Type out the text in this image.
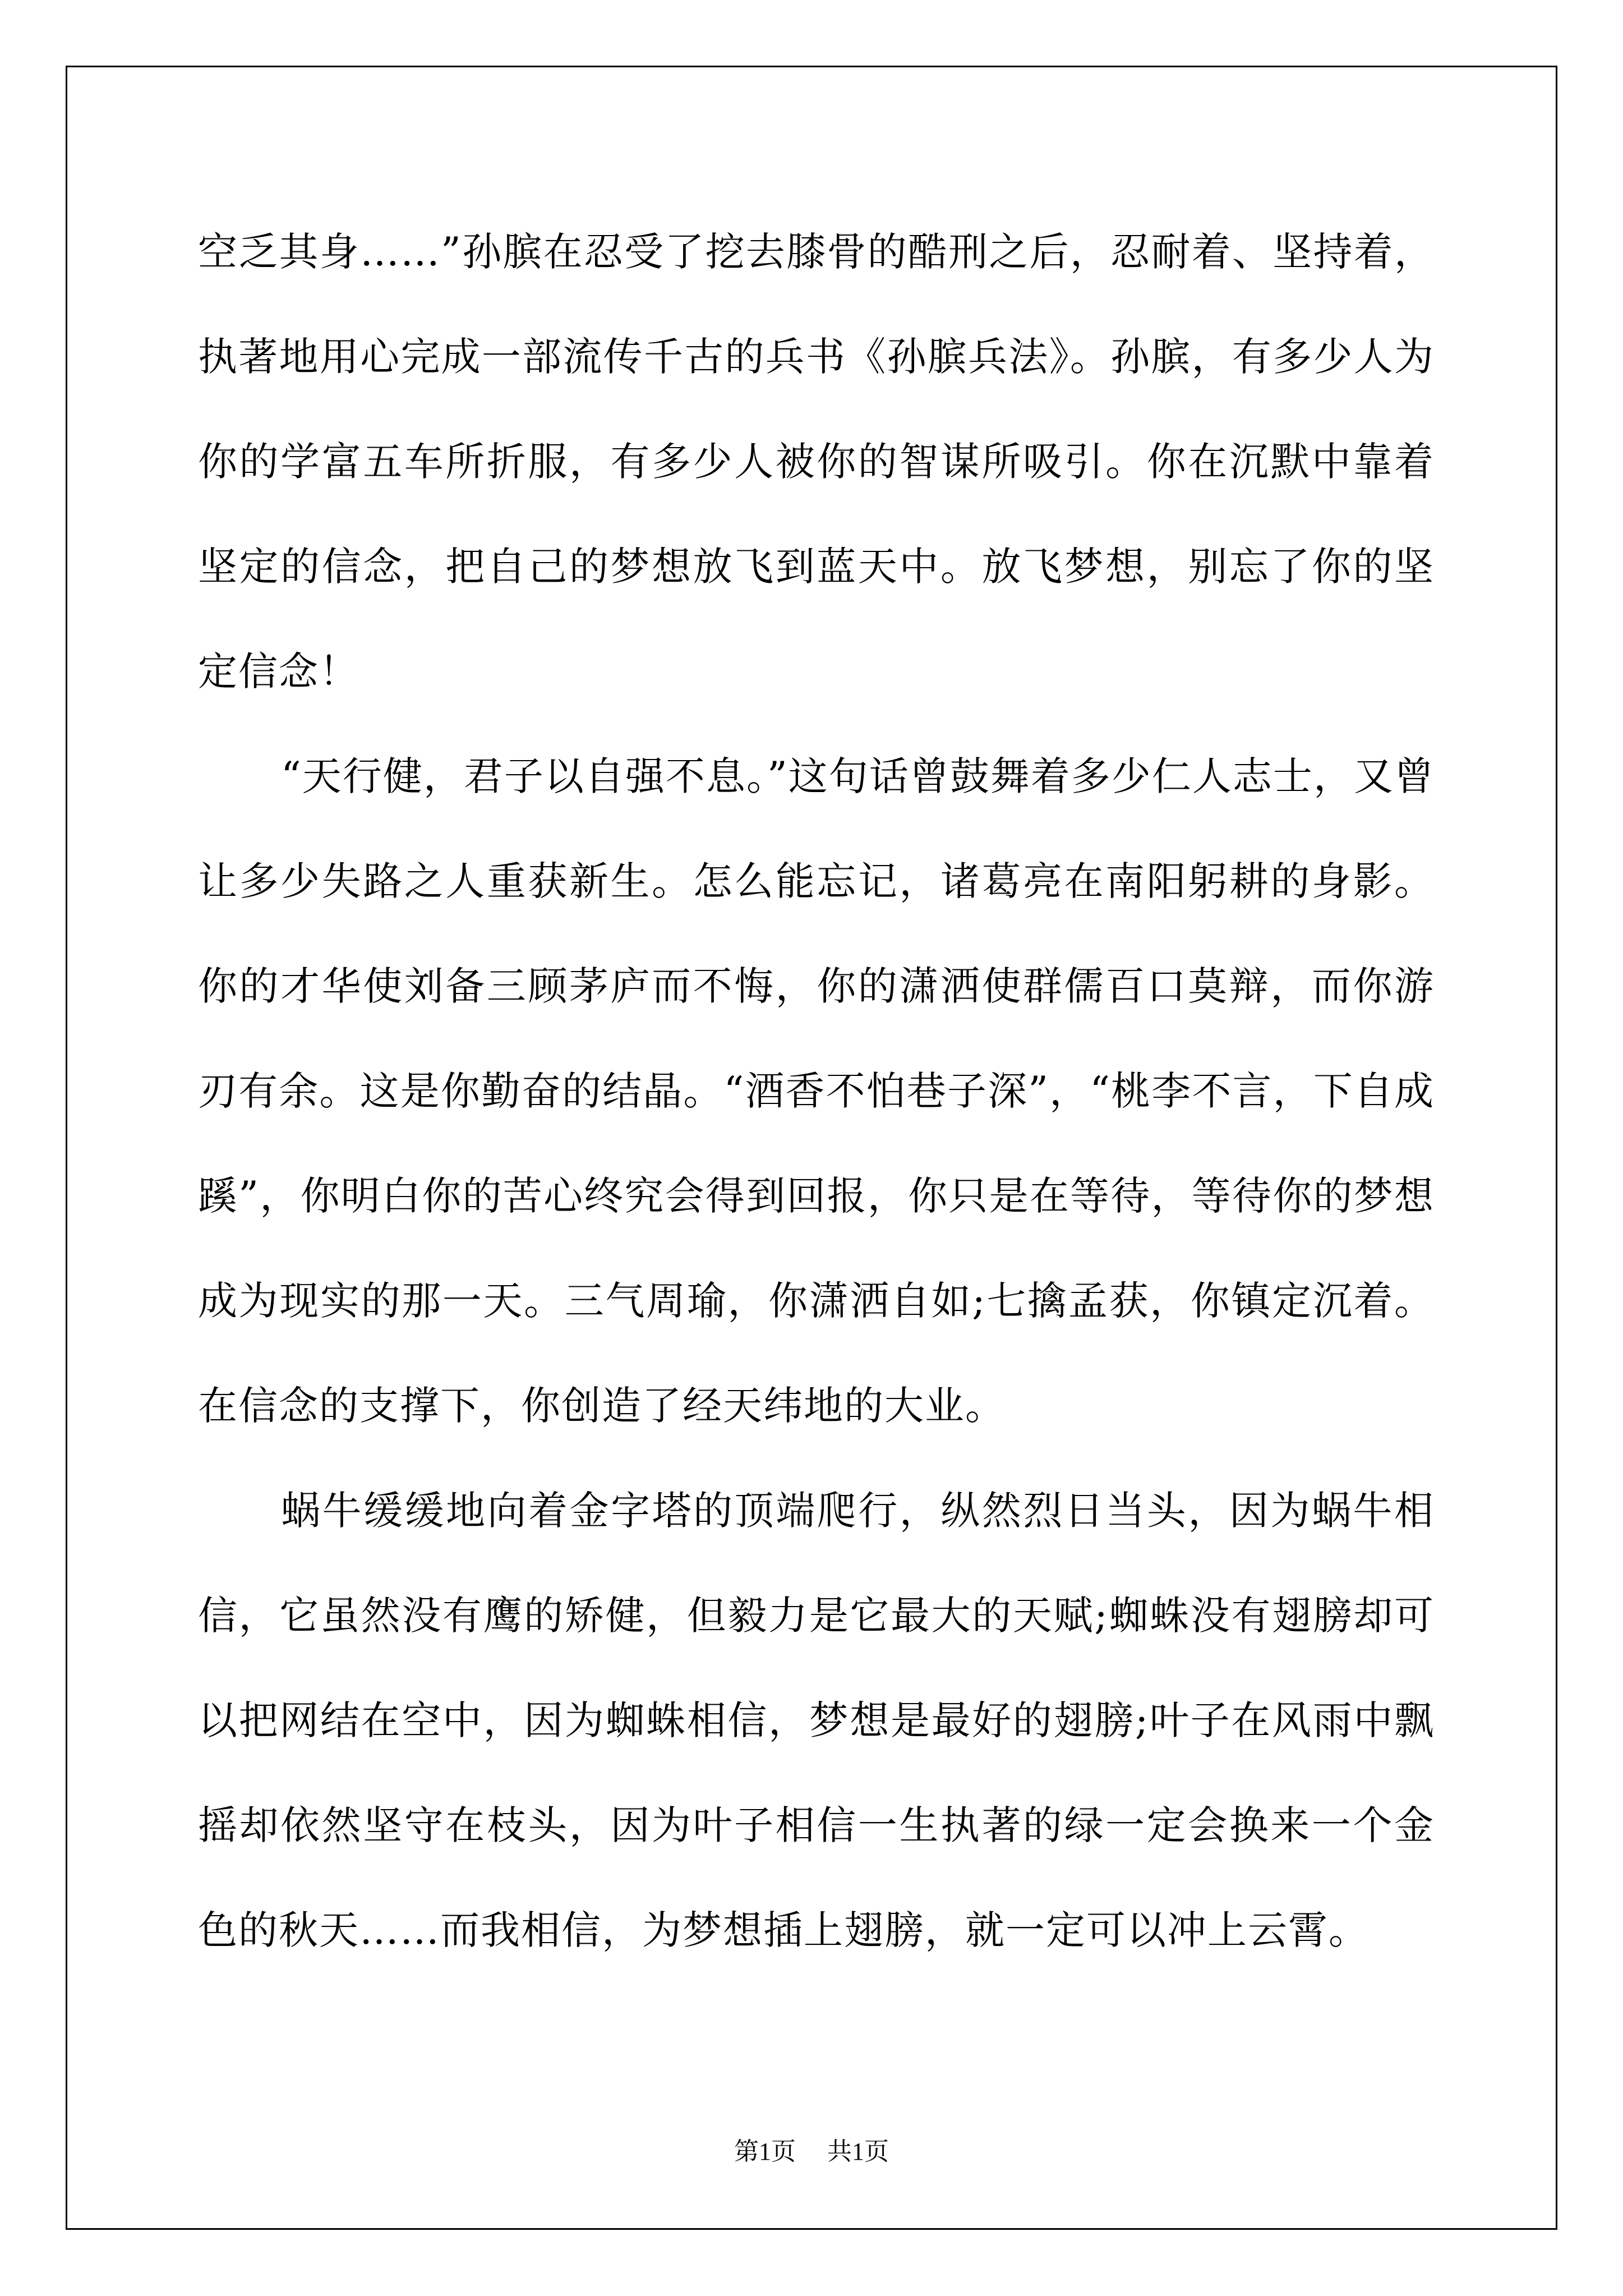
空乏其身……”孙膑在忍受了挖去膝骨的酷刑之后，忍耐着、坚持着，执著地用心完成一部流传千古的兵书《孙膑兵法》。孙膑，有多少人为你的学富五车所折服，有多少人被你的智谋所吸引。你在沉默中靠着坚定的信念，把自己的梦想放飞到蓝天中。放飞梦想，别忘了你的坚定信念！

“天行健，君子以自强不息。”这句话曾鼓舞着多少仁人志士，又曾让多少失路之人重获新生。怎么能忘记，诸葛亮在南阳躬耕的身影。你的才华使刘备三顾茅庐而不悔，你的潇洒使群儒百口莫辩，而你游刃有余。这是你勤奋的结晶。“酒香不怕巷子深”，“桃李不言，下自成蹊”，你明白你的苦心终究会得到回报，你只是在等待，等待你的梦想成为现实的那一天。三气周瑜，你潇洒自如;七擒孟获，你镇定沉着。在信念的支撑下，你创造了经天纬地的大业。

蜗牛缓缓地向着金字塔的顶端爬行，纵然烈日当头，因为蜗牛相信，它虽然没有鹰的矫健，但毅力是它最大的天赋;蜘蛛没有翅膀却可以把网结在空中，因为蜘蛛相信，梦想是最好的翅膀;叶子在风雨中飘摇却依然坚守在枝头，因为叶子相信一生执著的绿一定会换来一个金色的秋天……而我相信，为梦想插上翅膀，就一定可以冲上云霄。

第1页 共1页
